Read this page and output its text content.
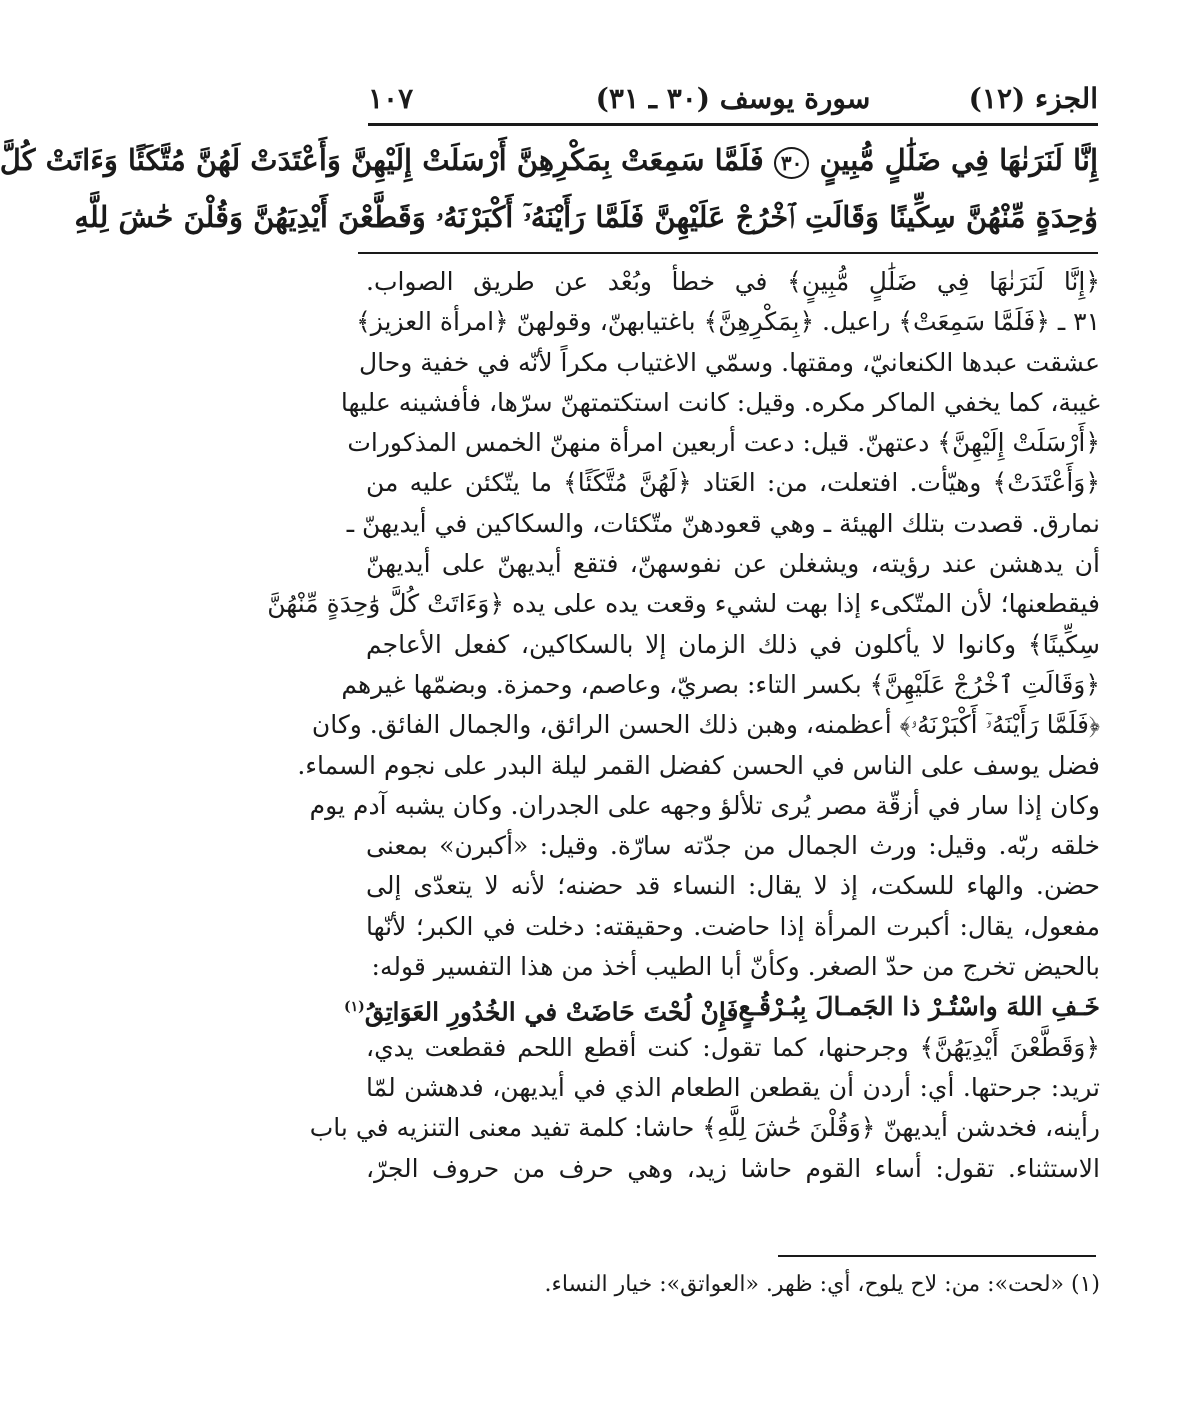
الجزء (١٢)
سورة يوسف (٣٠ ـ ٣١)
١٠٧

إِنَّا لَنَرَنٰهَا فِي ضَلَٰلٍ مُّبِينٍ ٣٠ فَلَمَّا سَمِعَتْ بِمَكْرِهِنَّ أَرْسَلَتْ إِلَيْهِنَّ وَأَعْتَدَتْ لَهُنَّ مُتَّكَئًا وَءَاتَتْ كُلَّ

وَٰحِدَةٍ مِّنْهُنَّ سِكِّينًا وَقَالَتِ ٱخْرُجْ عَلَيْهِنَّ فَلَمَّا رَأَيْنَهُۥٓ أَكْبَرْنَهُۥ وَقَطَّعْنَ أَيْدِيَهُنَّ وَقُلْنَ حَٰشَ لِلَّهِ

﴿إِنَّا لَنَرَنٰهَا فِي ضَلَٰلٍ مُّبِينٍ﴾ في خطأ وبُعْد عن طريق الصواب.

٣١ ـ ﴿فَلَمَّا سَمِعَتْ﴾ راعيل. ﴿بِمَكْرِهِنَّ﴾ باغتيابهنّ، وقولهنّ ﴿امرأة العزيز﴾

عشقت عبدها الكنعانيّ، ومقتها. وسمّي الاغتياب مكراً لأنّه في خفية وحال

غيبة، كما يخفي الماكر مكره. وقيل: كانت استكتمتهنّ سرّها، فأفشينه عليها

﴿أَرْسَلَتْ إِلَيْهِنَّ﴾ دعتهنّ. قيل: دعت أربعين امرأة منهنّ الخمس المذكورات

﴿وَأَعْتَدَتْ﴾ وهيّأت. افتعلت، من: العَتاد ﴿لَهُنَّ مُتَّكَئًا﴾ ما يتّكئن عليه من

نمارق. قصدت بتلك الهيئة ـ وهي قعودهنّ متّكئات، والسكاكين في أيديهنّ ـ

أن يدهشن عند رؤيته، ويشغلن عن نفوسهنّ، فتقع أيديهنّ على أيديهنّ

فيقطعنها؛ لأن المتّكىء إذا بهت لشيء وقعت يده على يده ﴿وَءَاتَتْ كُلَّ وَٰحِدَةٍ مِّنْهُنَّ

سِكِّينًا﴾ وكانوا لا يأكلون في ذلك الزمان إلا بالسكاكين، كفعل الأعاجم

﴿وَقَالَتِ ٱخْرُجْ عَلَيْهِنَّ﴾ بكسر التاء: بصريّ، وعاصم، وحمزة. وبضمّها غيرهم

﴿فَلَمَّا رَأَيْنَهُۥٓ أَكْبَرْنَهُۥ﴾ أعظمنه، وهبن ذلك الحسن الرائق، والجمال الفائق. وكان

فضل يوسف على الناس في الحسن كفضل القمر ليلة البدر على نجوم السماء.

وكان إذا سار في أزقّة مصر يُرى تلألؤ وجهه على الجدران. وكان يشبه آدم يوم

خلقه ربّه. وقيل: ورث الجمال من جدّته سارّة. وقيل: «أكبرن» بمعنى

حضن. والهاء للسكت، إذ لا يقال: النساء قد حضنه؛ لأنه لا يتعدّى إلى

مفعول، يقال: أكبرت المرأة إذا حاضت. وحقيقته: دخلت في الكبر؛ لأنّها

بالحيض تخرج من حدّ الصغر. وكأنّ أبا الطيب أخذ من هذا التفسير قوله:

خَـفِ اللهَ واسْتُـرْ ذا الجَمـالَ بِبُـرْقُـعٍ
فَإِنْ لُحْتَ حَاضَتْ في الخُدُورِ العَوَاتِقُ$^{(١)}$

﴿وَقَطَّعْنَ أَيْدِيَهُنَّ﴾ وجرحنها، كما تقول: كنت أقطع اللحم فقطعت يدي،

تريد: جرحتها. أي: أردن أن يقطعن الطعام الذي في أيديهن، فدهشن لمّا

رأينه، فخدشن أيديهنّ ﴿وَقُلْنَ حَٰشَ لِلَّهِ﴾ حاشا: كلمة تفيد معنى التنزيه في باب

الاستثناء. تقول: أساء القوم حاشا زيد، وهي حرف من حروف الجرّ،

(١) «لحت»: من: لاح يلوح، أي: ظهر. «العواتق»: خيار النساء.
